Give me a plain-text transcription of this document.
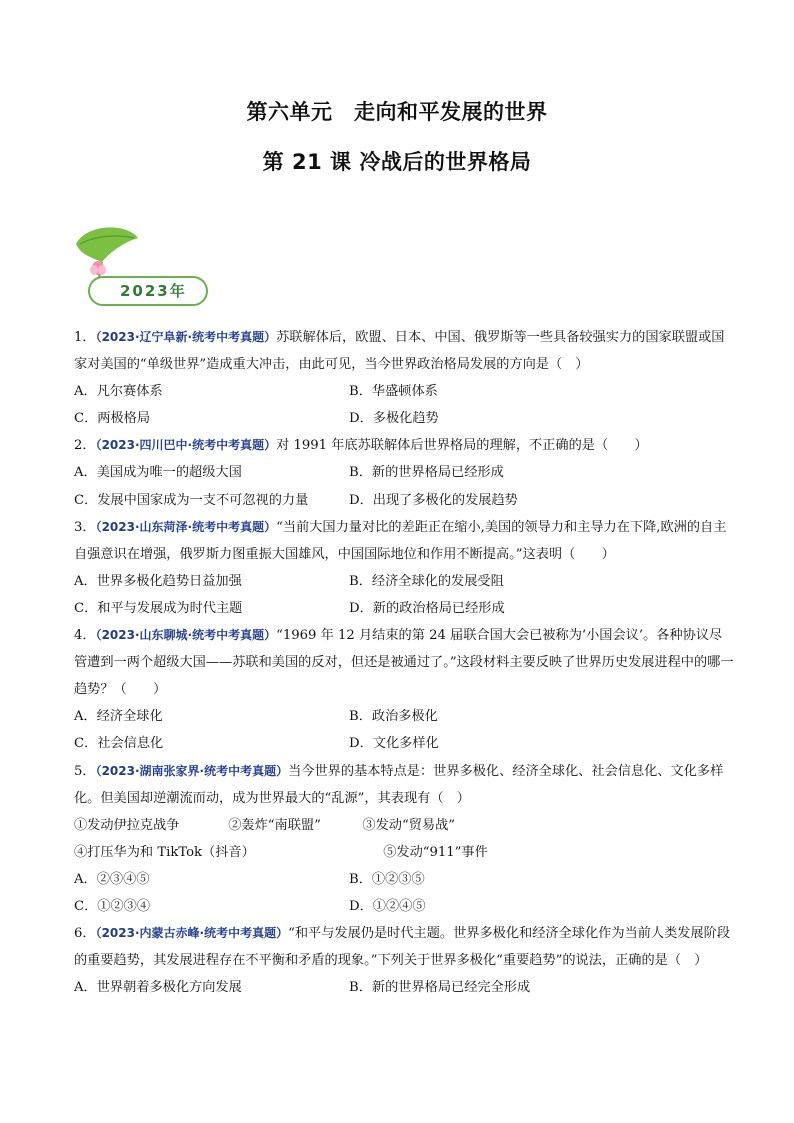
第六单元　走向和平发展的世界
第 21 课 冷战后的世界格局
2023年

1．（2023·辽宁阜新·统考中考真题）苏联解体后，欧盟、日本、中国、俄罗斯等一些具备较强实力的国家联盟或国家对美国的“单级世界”造成重大冲击，由此可见，当今世界政治格局发展的方向是（　）

A．凡尔赛体系	B．华盛顿体系
C．两极格局	D．多极化趋势

2．（2023·四川巴中·统考中考真题）对 1991 年底苏联解体后世界格局的理解，不正确的是（　　）

A．美国成为唯一的超级大国	B．新的世界格局已经形成
C．发展中国家成为一支不可忽视的力量	D．出现了多极化的发展趋势

3．（2023·山东菏泽·统考中考真题）“当前大国力量对比的差距正在缩小,美国的领导力和主导力在下降,欧洲的自主自强意识在增强，俄罗斯力图重振大国雄风，中国国际地位和作用不断提高。”这表明（　　）

A．世界多极化趋势日益加强	B．经济全球化的发展受阻
C．和平与发展成为时代主题	D．新的政治格局已经形成

4．（2023·山东聊城·统考中考真题）“1969 年 12 月结束的第 24 届联合国大会已被称为‘小国会议’。各种协议尽管遭到一两个超级大国——苏联和美国的反对，但还是被通过了。”这段材料主要反映了世界历史发展进程中的哪一趋势？（　　）

A．经济全球化	B．政治多极化
C．社会信息化	D．文化多样化

5．（2023·湖南张家界·统考中考真题）当今世界的基本特点是：世界多极化、经济全球化、社会信息化、文化多样化。但美国却逆潮流而动，成为世界最大的“乱源”，其表现有（　）

①发动伊拉克战争	②轰炸“南联盟”	③发动“贸易战”
④打压华为和 TikTok（抖音）	⑤发动“911”事件
A．②③④⑤	B．①②③⑤
C．①②③④	D．①②④⑤

6．（2023·内蒙古赤峰·统考中考真题）“和平与发展仍是时代主题。世界多极化和经济全球化作为当前人类发展阶段的重要趋势，其发展进程存在不平衡和矛盾的现象。”下列关于世界多极化“重要趋势”的说法，正确的是（　）

A．世界朝着多极化方向发展	B．新的世界格局已经完全形成
